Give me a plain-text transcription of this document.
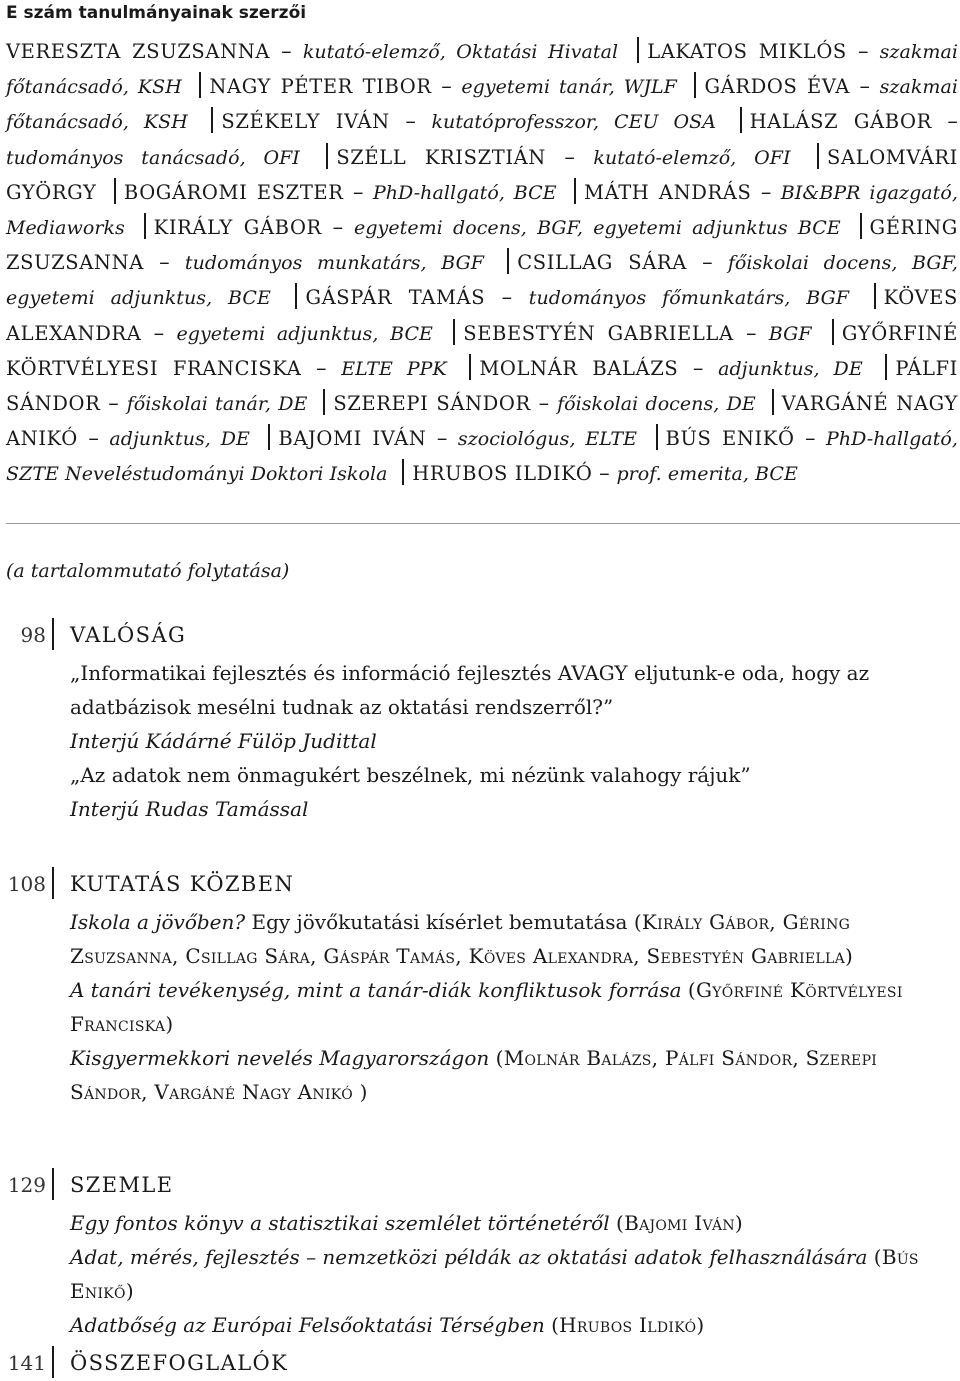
E szám tanulmányainak szerzői
VERESZTA ZSUZSANNA – kutató-elemző, Oktatási Hivatal LAKATOS MIKLÓS – szakmai főtanácsadó, KSH NAGY PÉTER TIBOR – egyetemi tanár, WJLF GÁRDOS ÉVA – szakmai főtanácsadó, KSH SZÉKELY IVÁN – kutatóprofesszor, CEU OSA HALÁSZ GÁBOR – tudományos tanácsadó, OFI SZÉLL KRISZTIÁN – kutató-elemző, OFI SALOMVÁRI GYÖRGY BOGÁROMI ESZTER – PhD-hallgató, BCE MÁTH ANDRÁS – BI&BPR igazgató, Mediaworks KIRÁLY GÁBOR – egyetemi docens, BGF, egyetemi adjunktus BCE GÉRING ZSUZSANNA – tudományos munkatárs, BGF CSILLAG SÁRA – főiskolai docens, BGF, egyetemi adjunktus, BCE GÁSPÁR TAMÁS – tudományos főmunkatárs, BGF KÖVES ALEXANDRA – egyetemi adjunktus, BCE SEBESTYÉN GABRIELLA – BGF GYŐRFINÉ KÖRTVÉLYESI FRANCISKA – ELTE PPK MOLNÁR BALÁZS – adjunktus, DE PÁLFI SÁNDOR – főiskolai tanár, DE SZEREPI SÁNDOR – főiskolai docens, DE VARGÁNÉ NAGY ANIKÓ – adjunktus, DE BAJOMI IVÁN – szociológus, ELTE BÚS ENIKŐ – PhD-hallgató, SZTE Neveléstudományi Doktori Iskola HRUBOS ILDIKÓ – prof. emerita, BCE
(a tartalommutató folytatása)
98 VALÓSÁG

„Informatikai fejlesztés és információ fejlesztés AVAGY eljutunk-e oda, hogy az adatbázisok mesélni tudnak az oktatási rendszerről?”

Interjú Kádárné Fülöp Judittal

„Az adatok nem önmagukért beszélnek, mi nézünk valahogy rájuk”

Interjú Rudas Tamással

108 KUTATÁS KÖZBEN

Iskola a jövőben? Egy jövőkutatási kísérlet bemutatása (Király Gábor, Géring Zsuzsanna, Csillag Sára, Gáspár Tamás, Köves Alexandra, Sebestyén Gabriella)

A tanári tevékenység, mint a tanár-diák konfliktusok forrása (Győrfiné Körtvélyesi Franciska)

Kisgyermekkori nevelés Magyarországon (Molnár Balázs, Pálfi Sándor, Szerepi Sándor, Vargáné Nagy Anikó )

129 SZEMLE

Egy fontos könyv a statisztikai szemlélet történetéről (Bajomi Iván)

Adat, mérés, fejlesztés – nemzetközi példák az oktatási adatok felhasználására (Bús Enikő)

Adatbőség az Európai Felsőoktatási Térségben (Hrubos Ildikó)

141 ÖSSZEFOGLALÓK
